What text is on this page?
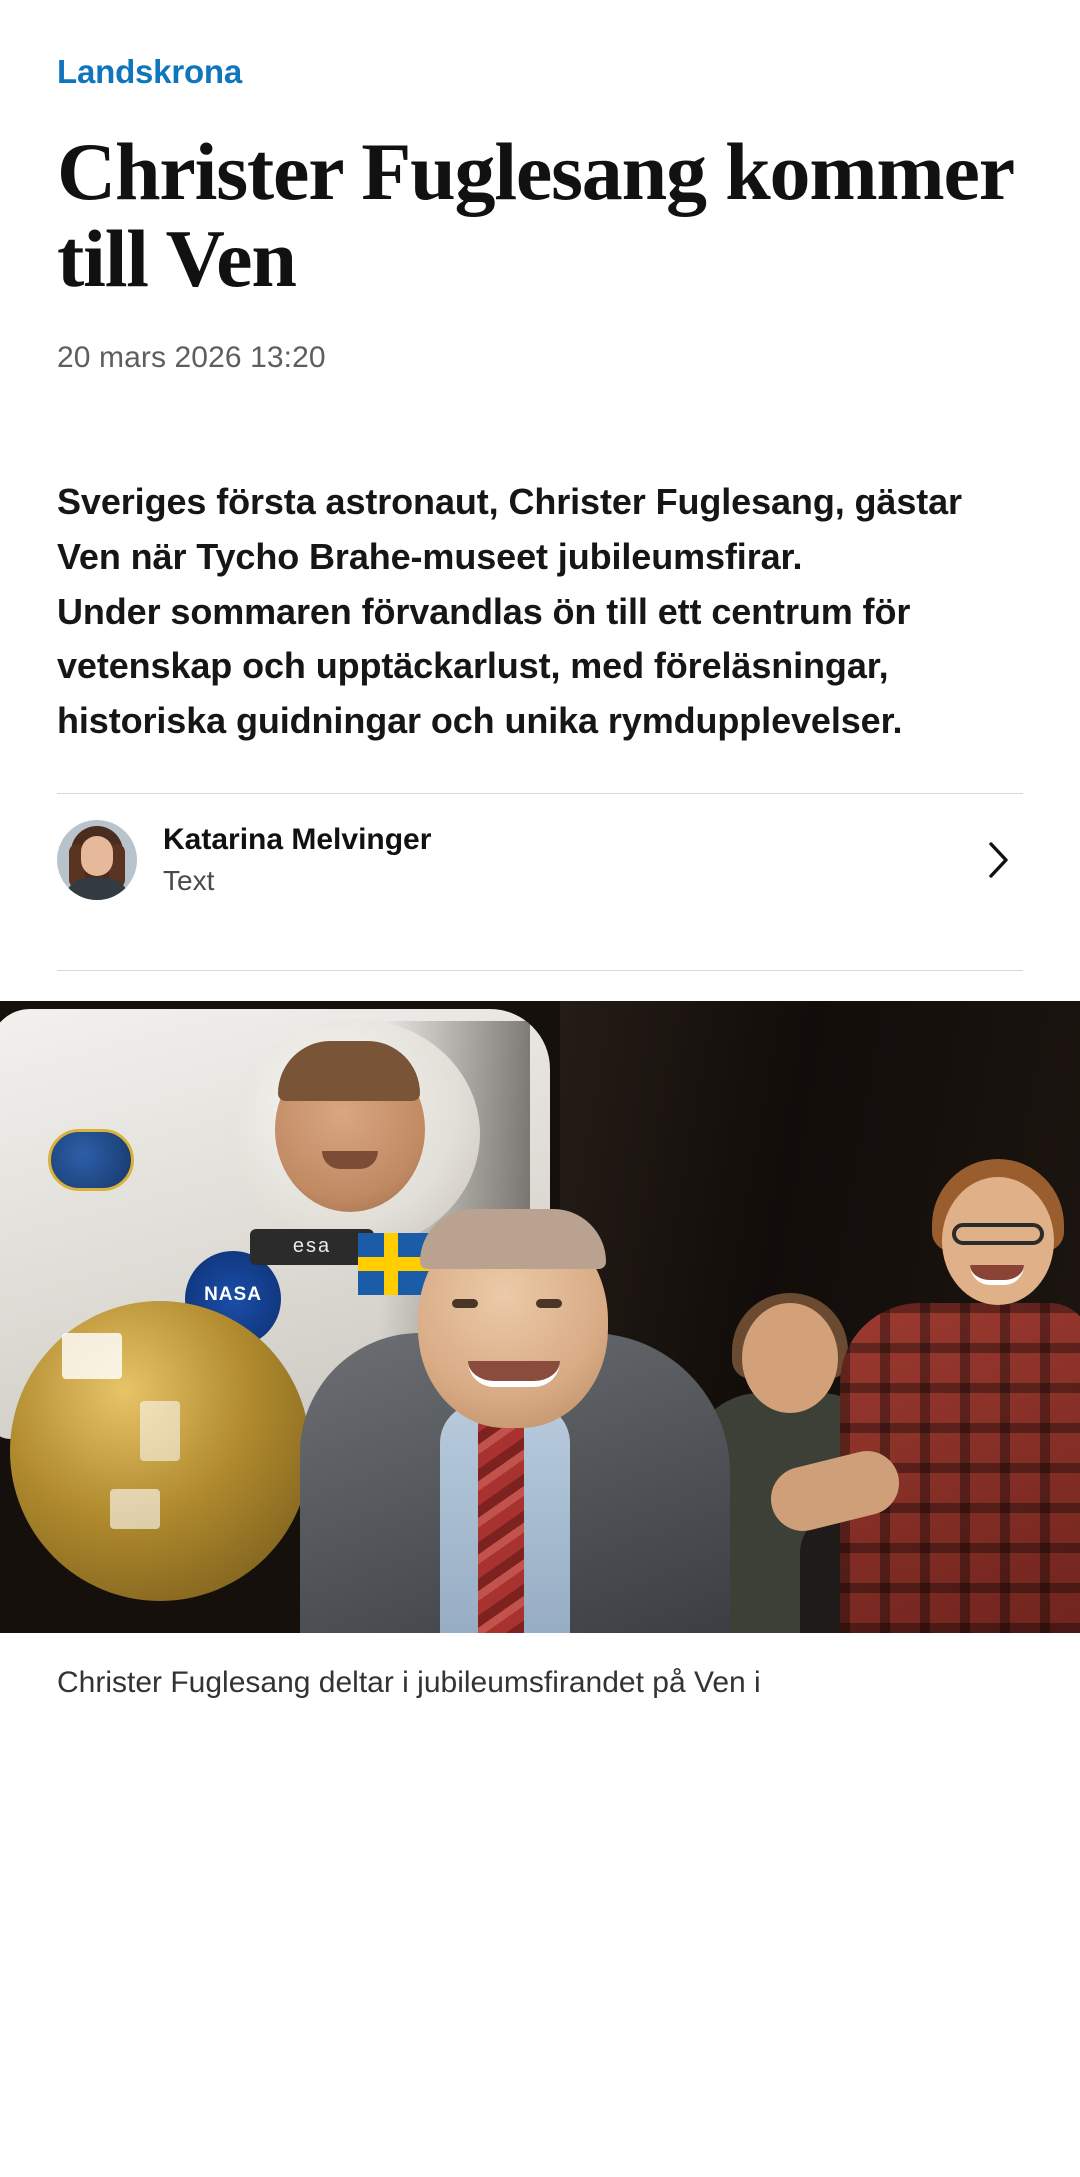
Landskrona
Christer Fuglesang kommer till Ven
20 mars 2026 13:20

Sveriges första astronaut, Christer Fuglesang, gästar Ven när Tycho Brahe-museet jubileumsfirar.

Under sommaren förvandlas ön till ett centrum för vetenskap och upptäckarlust, med föreläsningar, historiska guidningar och unika rymdupplevelser.

Katarina Melvinger
Text
NASA
esa
Christer Fuglesang deltar i jubileumsfirandet på Ven i
